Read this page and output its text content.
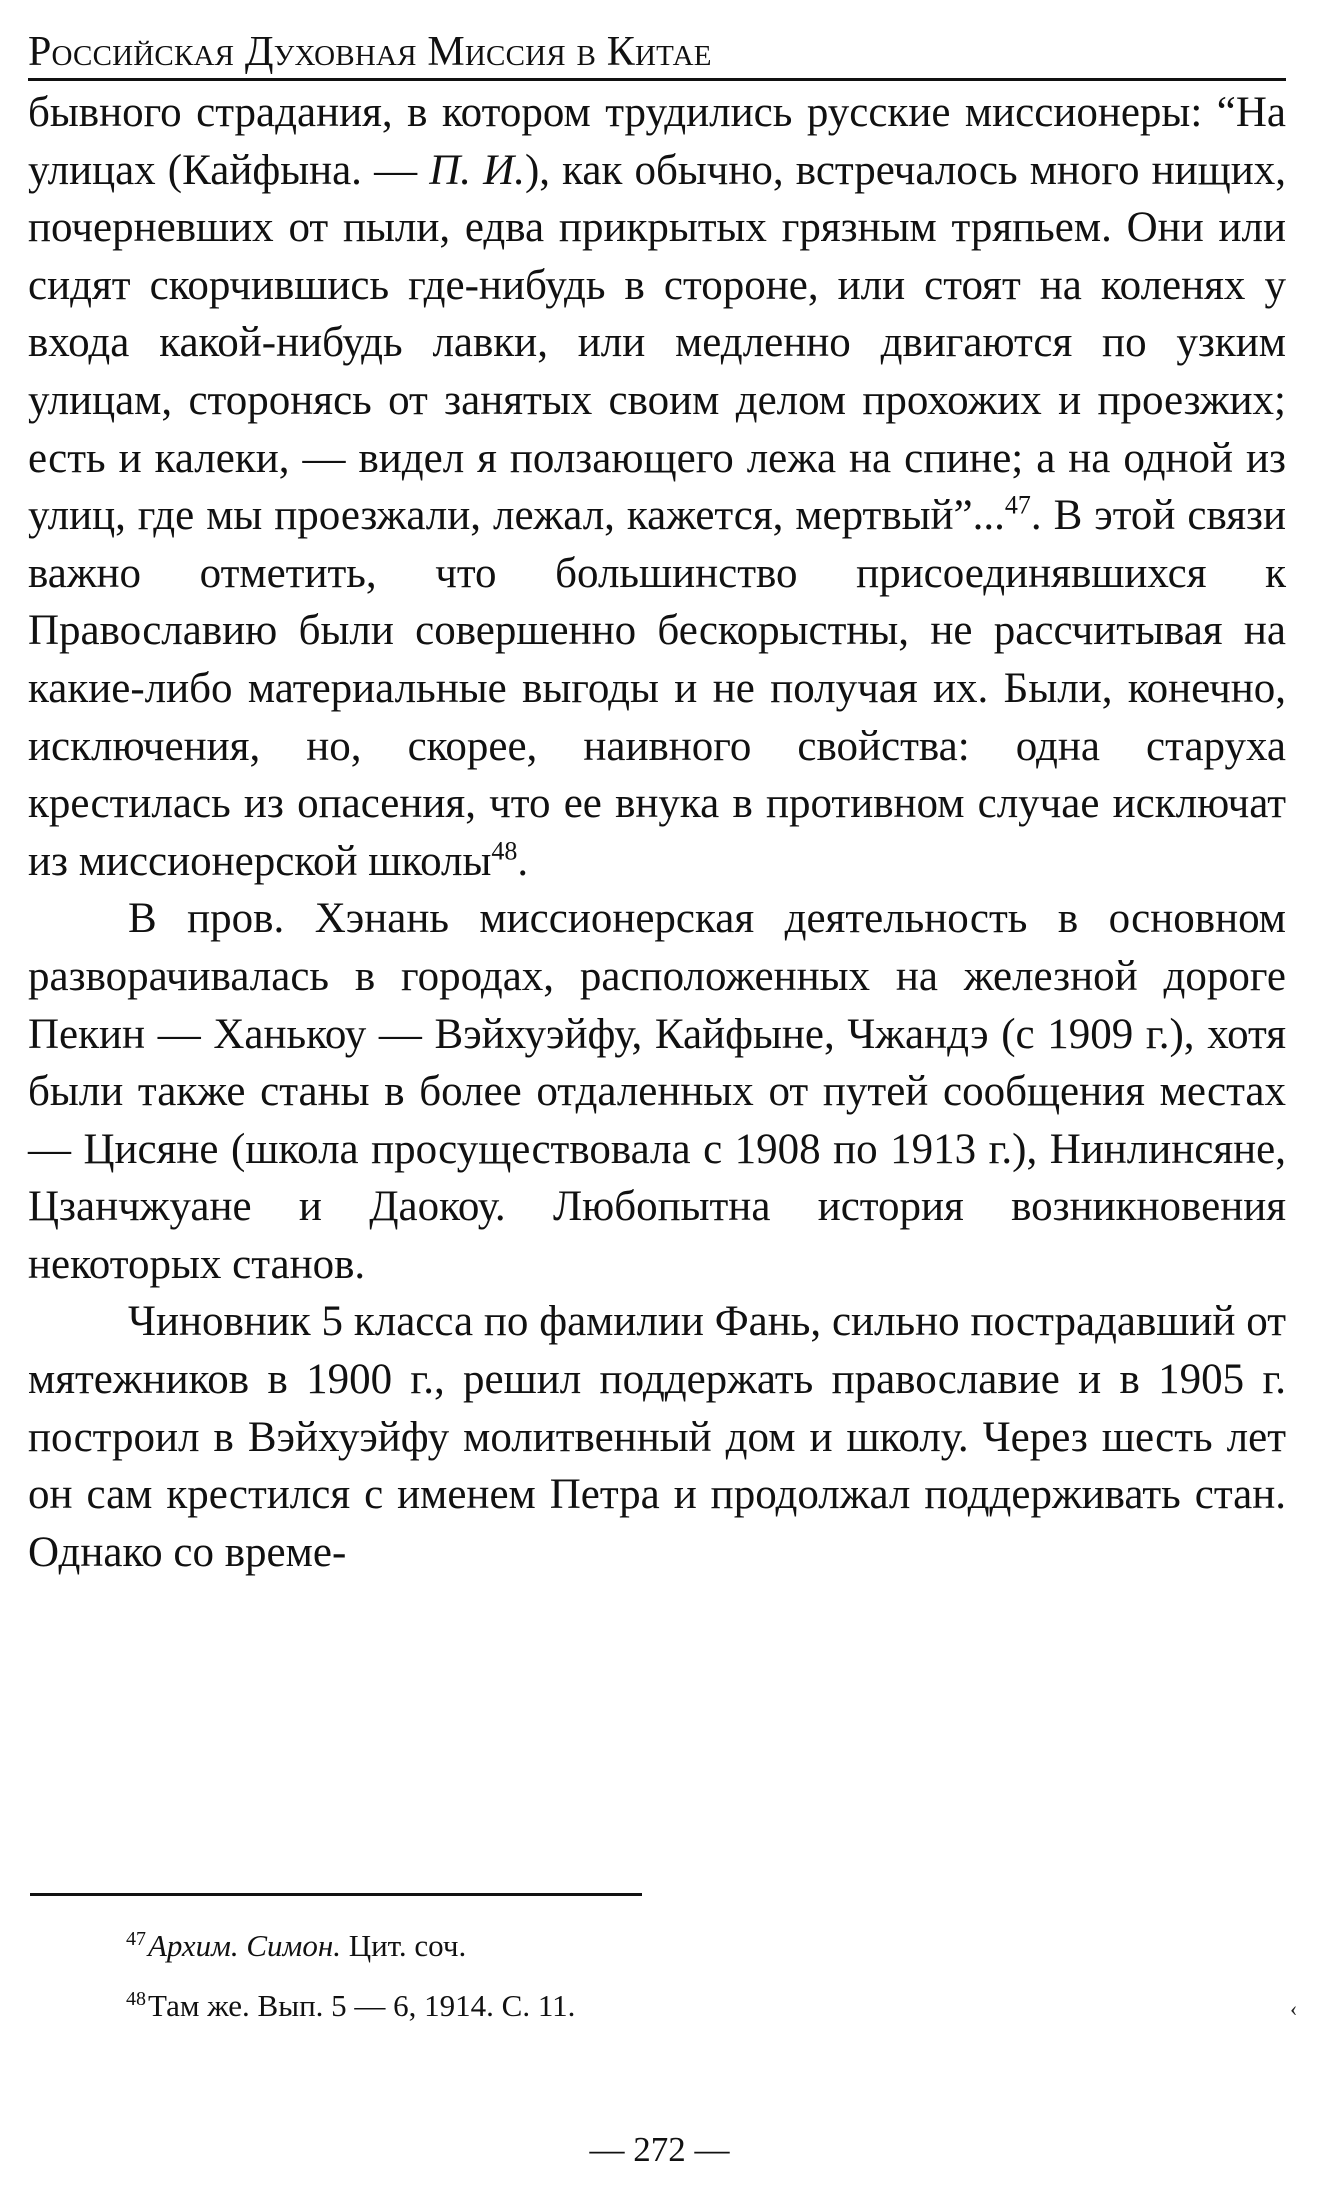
Российская Духовная Миссия в Китае

бывного страдания, в котором трудились русские миссионеры: “На улицах (Кайфына. — П. И.), как обычно, встречалось много нищих, почерневших от пыли, едва прикрытых грязным тряпьем. Они или сидят скорчившись где-нибудь в стороне, или стоят на коленях у входа какой-нибудь лавки, или медленно двигаются по узким улицам, сторонясь от занятых своим делом прохожих и проезжих; есть и калеки, — видел я ползающего лежа на спине; а на одной из улиц, где мы проезжали, лежал, кажется, мертвый”...$^{47}$. В этой связи важно отметить, что большинство присоединявшихся к Православию были совершенно бескорыстны, не рассчитывая на какие-либо материальные выгоды и не получая их. Были, конечно, исключения, но, скорее, наивного свойства: одна старуха крестилась из опасения, что ее внука в противном случае исключат из миссионерской школы$^{48}$.

В пров. Хэнань миссионерская деятельность в основном разворачивалась в городах, расположенных на железной дороге Пекин — Ханькоу — Вэйхуэйфу, Кайфыне, Чжандэ (с 1909 г.), хотя были также станы в более отдаленных от путей сообщения местах — Цисяне (школа просуществовала с 1908 по 1913 г.), Нинлинсяне, Цзанчжуане и Даокоу. Любопытна история возникновения некоторых станов.

Чиновник 5 класса по фамилии Фань, сильно пострадавший от мятежников в 1900 г., решил поддержать православие и в 1905 г. построил в Вэйхуэйфу молитвенный дом и школу. Через шесть лет он сам крестился с именем Петра и продолжал поддерживать стан. Однако со време-

$^{47}$Архим. Симон. Цит. соч.

$^{48}$Там же. Вып. 5 — 6, 1914. С. 11.	‹
— 272 —
